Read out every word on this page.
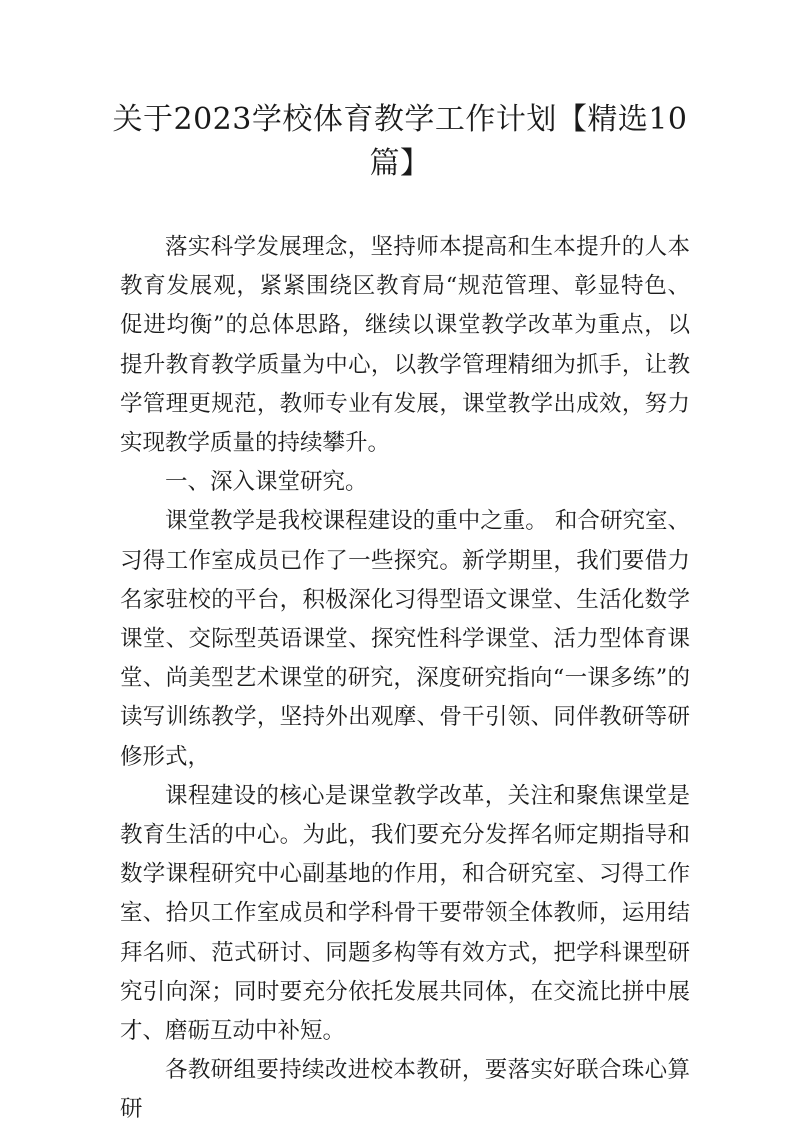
关于2023学校体育教学工作计划【精选10篇】

落实科学发展理念，坚持师本提高和生本提升的人本教育发展观，紧紧围绕区教育局“规范管理、彰显特色、促进均衡”的总体思路，继续以课堂教学改革为重点，以提升教育教学质量为中心，以教学管理精细为抓手，让教学管理更规范，教师专业有发展，课堂教学出成效，努力实现教学质量的持续攀升。

一、深入课堂研究。

课堂教学是我校课程建设的重中之重。 和合研究室、习得工作室成员已作了一些探究。新学期里，我们要借力名家驻校的平台，积极深化习得型语文课堂、生活化数学课堂、交际型英语课堂、探究性科学课堂、活力型体育课堂、尚美型艺术课堂的研究，深度研究指向“一课多练”的读写训练教学，坚持外出观摩、骨干引领、同伴教研等研修形式，

课程建设的核心是课堂教学改革，关注和聚焦课堂是教育生活的中心。为此，我们要充分发挥名师定期指导和数学课程研究中心副基地的作用，和合研究室、习得工作室、拾贝工作室成员和学科骨干要带领全体教师，运用结拜名师、范式研讨、同题多构等有效方式，把学科课型研究引向深；同时要充分依托发展共同体，在交流比拼中展才、磨砺互动中补短。

各教研组要持续改进校本教研，要落实好联合珠心算研
